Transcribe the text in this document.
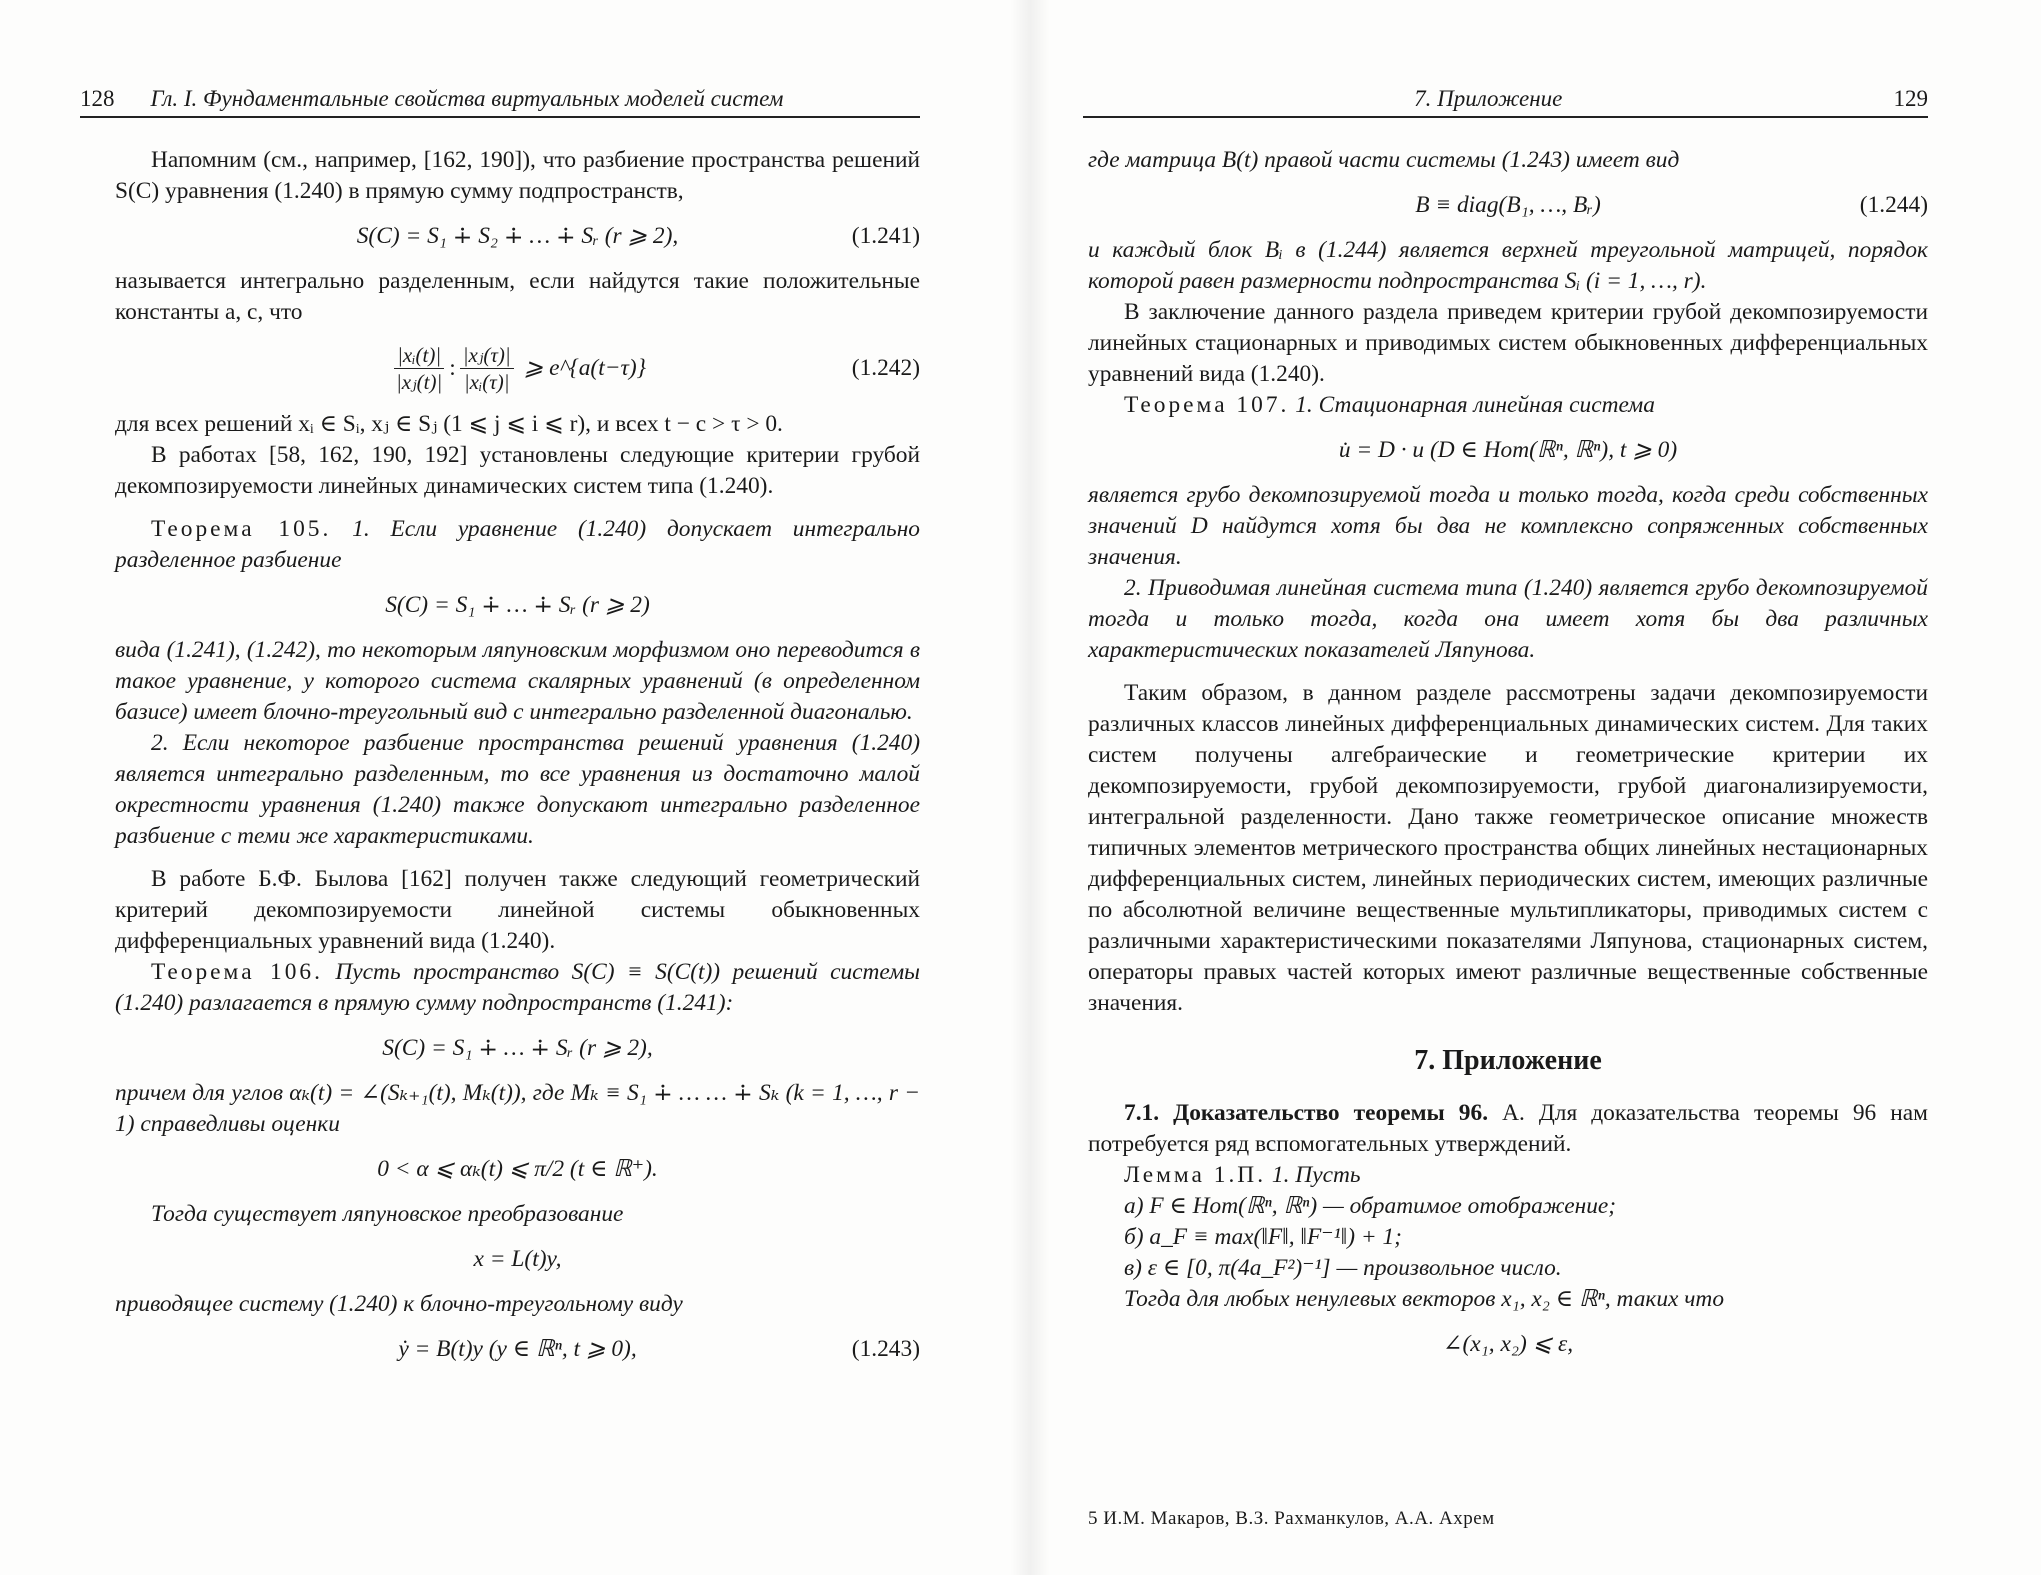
128	Гл. I. Фундаментальные свойства виртуальных моделей систем

Напомним (см., например, [162, 190]), что разбиение пространства решений S(C) уравнения (1.240) в прямую сумму подпространств,

S(C) = S₁ ∔ S₂ ∔ … ∔ Sᵣ (r ⩾ 2),	(1.241)

называется интегрально разделенным, если найдутся такие положительные константы a, c, что

$\frac{\text{|xᵢ(t)|}}{\text{|xⱼ(t)|}}$ : $\frac{\text{|xⱼ(τ)|}}{\text{|xᵢ(τ)|}}$ ⩾ e^{a(t−τ)}	(1.242)

для всех решений xᵢ ∈ Sᵢ, xⱼ ∈ Sⱼ (1 ⩽ j ⩽ i ⩽ r), и всех t − c > τ > 0.

В работах [58, 162, 190, 192] установлены следующие критерии грубой декомпозируемости линейных динамических систем типа (1.240).

Теорема 105. 1. Если уравнение (1.240) допускает интегрально разделенное разбиение

S(C) = S₁ ∔ … ∔ Sᵣ (r ⩾ 2)

вида (1.241), (1.242), то некоторым ляпуновским морфизмом оно переводится в такое уравнение, у которого система скалярных уравнений (в определенном базисе) имеет блочно-треугольный вид с интегрально разделенной диагональю.

2. Если некоторое разбиение пространства решений уравнения (1.240) является интегрально разделенным, то все уравнения из достаточно малой окрестности уравнения (1.240) также допускают интегрально разделенное разбиение с теми же характеристиками.

В работе Б.Ф. Былова [162] получен также следующий геометрический критерий декомпозируемости линейной системы обыкновенных дифференциальных уравнений вида (1.240).

Теорема 106. Пусть пространство S(C) ≡ S(C(t)) решений системы (1.240) разлагается в прямую сумму подпространств (1.241):

S(C) = S₁ ∔ … ∔ Sᵣ (r ⩾ 2),

причем для углов αₖ(t) = ∠(Sₖ₊₁(t), Mₖ(t)), где Mₖ ≡ S₁ ∔ … … ∔ Sₖ (k = 1, …, r − 1) справедливы оценки

0 < α ⩽ αₖ(t) ⩽ π/2 (t ∈ ℝ⁺).

Тогда существует ляпуновское преобразование

x = L(t)y,

приводящее систему (1.240) к блочно-треугольному виду

ẏ = B(t)y (y ∈ ℝⁿ, t ⩾ 0),	(1.243)
7. Приложение	129

где матрица B(t) правой части системы (1.243) имеет вид

B ≡ diag(B₁, …, Bᵣ)	(1.244)

и каждый блок Bᵢ в (1.244) является верхней треугольной матрицей, порядок которой равен размерности подпространства Sᵢ (i = 1, …, r).

В заключение данного раздела приведем критерии грубой декомпозируемости линейных стационарных и приводимых систем обыкновенных дифференциальных уравнений вида (1.240).

Теорема 107. 1. Стационарная линейная система

u̇ = D · u (D ∈ Hom(ℝⁿ, ℝⁿ), t ⩾ 0)

является грубо декомпозируемой тогда и только тогда, когда среди собственных значений D найдутся хотя бы два не комплексно сопряженных собственных значения.

2. Приводимая линейная система типа (1.240) является грубо декомпозируемой тогда и только тогда, когда она имеет хотя бы два различных характеристических показателей Ляпунова.

Таким образом, в данном разделе рассмотрены задачи декомпозируемости различных классов линейных дифференциальных динамических систем. Для таких систем получены алгебраические и геометрические критерии их декомпозируемости, грубой декомпозируемости, грубой диагонализируемости, интегральной разделенности. Дано также геометрическое описание множеств типичных элементов метрического пространства общих линейных нестационарных дифференциальных систем, линейных периодических систем, имеющих различные по абсолютной величине вещественные мультипликаторы, приводимых систем с различными характеристическими показателями Ляпунова, стационарных систем, операторы правых частей которых имеют различные вещественные собственные значения.

7. Приложение

7.1. Доказательство теоремы 96. А. Для доказательства теоремы 96 нам потребуется ряд вспомогательных утверждений.

Лемма 1.П. 1. Пусть

а) F ∈ Hom(ℝⁿ, ℝⁿ) — обратимое отображение;

б) a_F ≡ max(‖F‖, ‖F⁻¹‖) + 1;

в) ε ∈ [0, π(4a_F²)⁻¹] — произвольное число.

Тогда для любых ненулевых векторов x₁, x₂ ∈ ℝⁿ, таких что

∠(x₁, x₂) ⩽ ε,
5 И.М. Макаров, В.З. Рахманкулов, А.А. Ахрем
